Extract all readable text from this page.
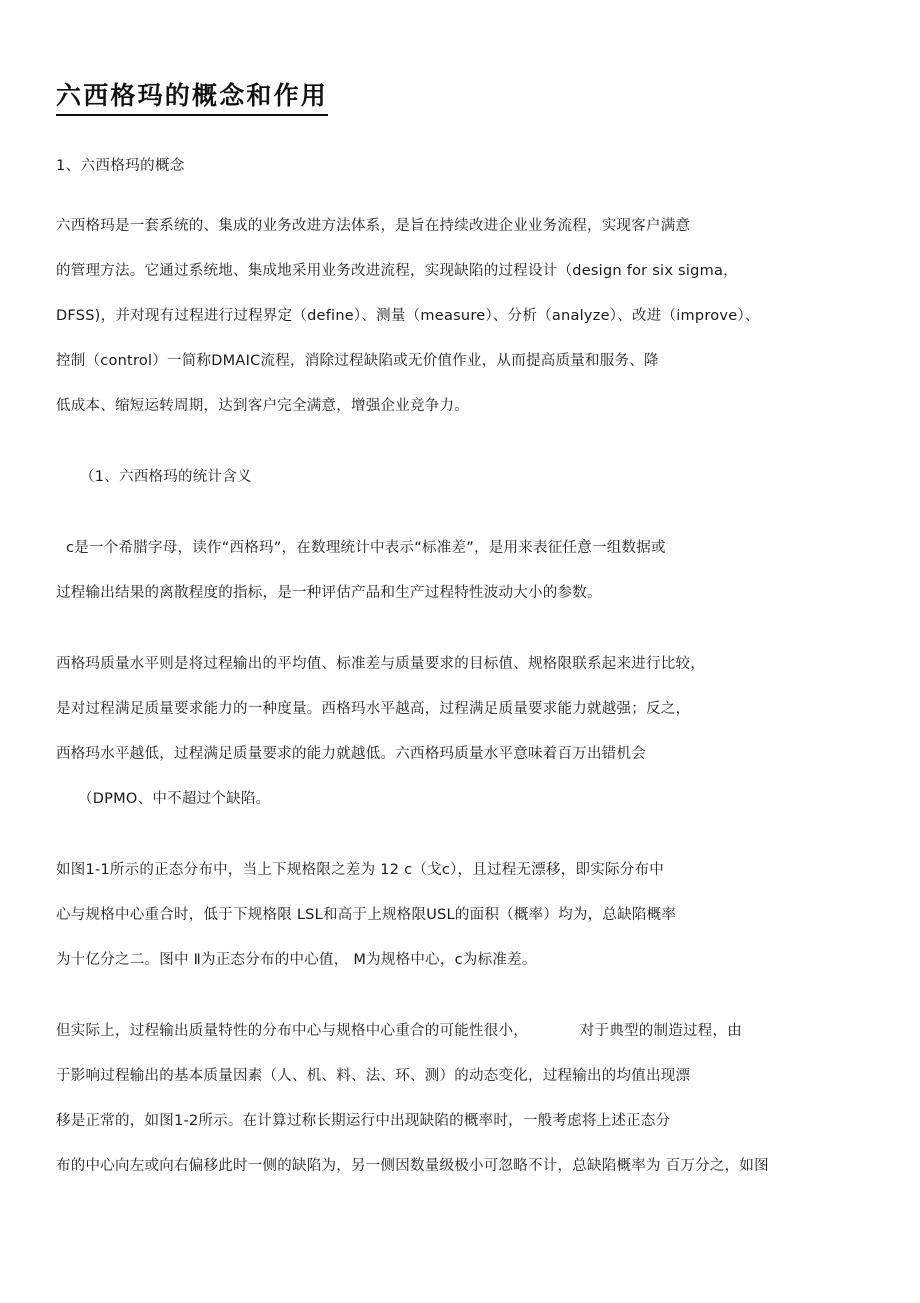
六西格玛的概念和作用

1、六西格玛的概念

六西格玛是一套系统的、集成的业务改进方法体系，是旨在持续改进企业业务流程，实现客户满意
的管理方法。它通过系统地、集成地采用业务改进流程，实现缺陷的过程设计（design for six sigma，
DFSS)，并对现有过程进行过程界定（define）、测量（measure）、分析（analyze）、改进（improve）、
控制（control）一简称DMAIC流程，消除过程缺陷或无价值作业，从而提高质量和服务、降
低成本、缩短运转周期，达到客户完全满意，增强企业竞争力。
（1、六西格玛的统计含义
c是一个希腊字母，读作“西格玛”，在数理统计中表示“标准差”，是用来表征任意一组数据或
过程输出结果的离散程度的指标，是一种评估产品和生产过程特性波动大小的参数。
西格玛质量水平则是将过程输出的平均值、标准差与质量要求的目标值、规格限联系起来进行比较，
是对过程满足质量要求能力的一种度量。西格玛水平越高，过程满足质量要求能力就越强；反之，
西格玛水平越低，过程满足质量要求的能力就越低。六西格玛质量水平意味着百万出错机会
（DPMO、中不超过个缺陷。
如图1-1所示的正态分布中，当上下规格限之差为 12 c（戈c），且过程无漂移，即实际分布中
心与规格中心重合时，低于下规格限 LSL和高于上规格限USL的面积（概率）均为，总缺陷概率
为十亿分之二。图中 Ⅱ为正态分布的中心值， M为规格中心，c为标准差。
但实际上，过程输出质量特性的分布中心与规格中心重合的可能性很小，　　　　对于典型的制造过程，由
于影响过程输出的基本质量因素（人、机、料、法、环、测）的动态变化，过程输出的均值出现漂
移是正常的，如图1-2所示。在计算过称长期运行中出现缺陷的概率时，一般考虑将上述正态分
布的中心向左或向右偏移此时一侧的缺陷为，另一侧因数量级极小可忽略不计，总缺陷概率为 百万分之，如图
